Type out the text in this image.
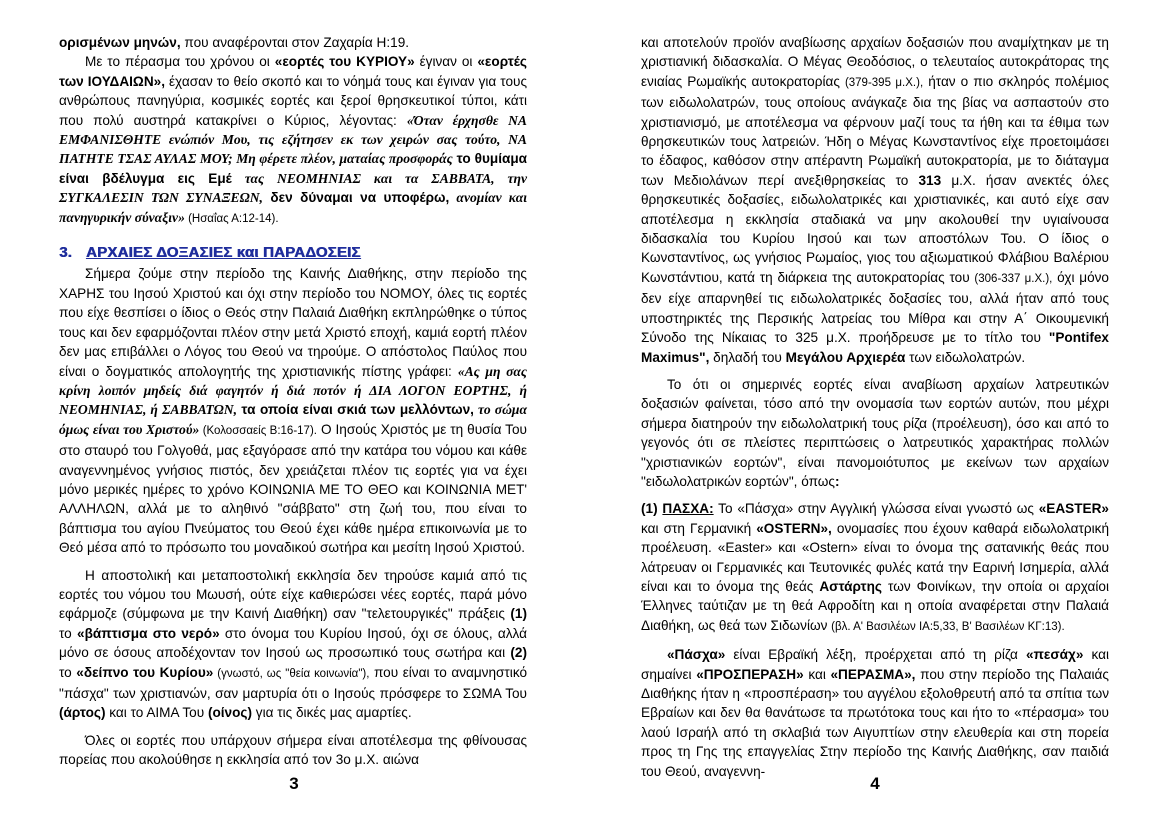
ορισμένων μηνών, που αναφέρονται στον Ζαχαρία Η:19.

Με το πέρασμα του χρόνου οι «εορτές του ΚΥΡΙΟΥ» έγιναν οι «εορτές των ΙΟΥΔΑΙΩΝ», έχασαν το θείο σκοπό και το νόημά τους και έγιναν για τους ανθρώπους πανηγύρια, κοσμικές εορτές και ξεροί θρησκευτικοί τύποι, κάτι που πολύ αυστηρά κατακρίνει ο Κύριος, λέγοντας: «Όταν έρχησθε ΝΑ ΕΜΦΑΝΙΣΘΗΤΕ ενώπιόν Μου, τις εζήτησεν εκ των χειρών σας τούτο, ΝΑ ΠΑΤΗΤΕ ΤΣΑΣ ΑΥΛΑΣ ΜΟΥ; Μη φέρετε πλέον, ματαίας προσφοράς το θυμίαμα είναι βδέλυγμα εις Εμέ τας ΝΕΟΜΗΝΙΑΣ και τα ΣΑΒΒΑΤΑ, την ΣΥΓΚΑΛΕΣΙΝ ΤΩΝ ΣΥΝΑΞΕΩΝ, δεν δύναμαι να υποφέρω, ανομίαν και πανηγυρικήν σύναξιν» (Ησαΐας Α:12-14).

3. ΑΡΧΑΙΕΣ ΔΟΞΑΣΙΕΣ και ΠΑΡΑΔΟΣΕΙΣ

Σήμερα ζούμε στην περίοδο της Καινής Διαθήκης, στην περίοδο της ΧΑΡΗΣ του Ιησού Χριστού και όχι στην περίοδο του ΝΟΜΟΥ, όλες τις εορτές που είχε θεσπίσει ο ίδιος ο Θεός στην Παλαιά Διαθήκη εκπληρώθηκε ο τύπος τους και δεν εφαρμόζονται πλέον στην μετά Χριστό εποχή, καμιά εορτή πλέον δεν μας επιβάλλει ο Λόγος του Θεού να τηρούμε. Ο απόστολος Παύλος που είναι ο δογματικός απολογητής της χριστιανικής πίστης γράφει: «Ας μη σας κρίνη λοιπόν μηδείς διά φαγητόν ή διά ποτόν ή ΔΙΑ ΛΟΓΟΝ ΕΟΡΤΗΣ, ή ΝΕΟΜΗΝΙΑΣ, ή ΣΑΒΒΑΤΩΝ, τα οποία είναι σκιά των μελλόντων, το σώμα όμως είναι του Χριστού» (Κολοσσαείς Β:16-17). Ο Ιησούς Χριστός με τη θυσία Του στο σταυρό του Γολγοθά, μας εξαγόρασε από την κατάρα του νόμου και κάθε αναγεννημένος γνήσιος πιστός, δεν χρειάζεται πλέον τις εορτές για να έχει μόνο μερικές ημέρες το χρόνο ΚΟΙΝΩΝΙΑ ΜΕ ΤΟ ΘΕΟ και ΚΟΙΝΩΝΙΑ ΜΕΤ' ΑΛΛΗΛΩΝ, αλλά με το αληθινό "σάββατο" στη ζωή του, που είναι το βάπτισμα του αγίου Πνεύματος του Θεού έχει κάθε ημέρα επικοινωνία με το Θεό μέσα από το πρόσωπο του μοναδικού σωτήρα και μεσίτη Ιησού Χριστού.

Η αποστολική και μεταποστολική εκκλησία δεν τηρούσε καμιά από τις εορτές του νόμου του Μωυσή, ούτε είχε καθιερώσει νέες εορτές, παρά μόνο εφάρμοζε (σύμφωνα με την Καινή Διαθήκη) σαν "τελετουργικές" πράξεις (1) το «βάπτισμα στο νερό» στο όνομα του Κυρίου Ιησού, όχι σε όλους, αλλά μόνο σε όσους αποδέχονταν τον Ιησού ως προσωπικό τους σωτήρα και (2) το «δείπνο του Κυρίου» (γνωστό, ως "θεία κοινωνία"), που είναι το αναμνηστικό "πάσχα" των χριστιανών, σαν μαρτυρία ότι ο Ιησούς πρόσφερε το ΣΩΜΑ Του (άρτος) και το ΑΙΜΑ Του (οίνος) για τις δικές μας αμαρτίες.

Όλες οι εορτές που υπάρχουν σήμερα είναι αποτέλεσμα της φθίνουσας πορείας που ακολούθησε η εκκλησία από τον 3ο μ.Χ. αιώνα

3

και αποτελούν προϊόν αναβίωσης αρχαίων δοξασιών που αναμίχτηκαν με τη χριστιανική διδασκαλία. Ο Μέγας Θεοδόσιος, ο τελευταίος αυτοκράτορας της ενιαίας Ρωμαϊκής αυτοκρατορίας (379-395 μ.Χ.), ήταν ο πιο σκληρός πολέμιος των ειδωλολατρών, τους οποίους ανάγκαζε δια της βίας να ασπαστούν στο χριστιανισμό, με αποτέλεσμα να φέρνουν μαζί τους τα ήθη και τα έθιμα των θρησκευτικών τους λατρειών. Ήδη ο Μέγας Κωνσταντίνος είχε προετοιμάσει το έδαφος, καθόσον στην απέραντη Ρωμαϊκή αυτοκρατορία, με το διάταγμα των Μεδιολάνων περί ανεξιθρησκείας το 313 μ.Χ. ήσαν ανεκτές όλες θρησκευτικές δοξασίες, ειδωλολατρικές και χριστιανικές, και αυτό είχε σαν αποτέλεσμα η εκκλησία σταδιακά να μην ακολουθεί την υγιαίνουσα διδασκαλία του Κυρίου Ιησού και των αποστόλων Του. Ο ίδιος ο Κωνσταντίνος, ως γνήσιος Ρωμαίος, γιος του αξιωματικού Φλάβιου Βαλέριου Κωνστάντιου, κατά τη διάρκεια της αυτοκρατορίας του (306-337 μ.Χ.), όχι μόνο δεν είχε απαρνηθεί τις ειδωλολατρικές δοξασίες του, αλλά ήταν από τους υποστηρικτές της Περσικής λατρείας του Μίθρα και στην Α΄ Οικουμενική Σύνοδο της Νίκαιας το 325 μ.Χ. προήδρευσε με το τίτλο του "Pontifex Maximus", δηλαδή του Μεγάλου Αρχιερέα των ειδωλολατρών.

Το ότι οι σημερινές εορτές είναι αναβίωση αρχαίων λατρευτικών δοξασιών φαίνεται, τόσο από την ονομασία των εορτών αυτών, που μέχρι σήμερα διατηρούν την ειδωλολατρική τους ρίζα (προέλευση), όσο και από το γεγονός ότι σε πλείστες περιπτώσεις ο λατρευτικός χαρακτήρας πολλών "χριστιανικών εορτών", είναι πανομοιότυπος με εκείνων των αρχαίων "ειδωλολατρικών εορτών", όπως:

(1) ΠΑΣΧΑ: Το «Πάσχα» στην Αγγλική γλώσσα είναι γνωστό ως «EASTER» και στη Γερμανική «OSTERN», ονομασίες που έχουν καθαρά ειδωλολατρική προέλευση. «Easter» και «Ostern» είναι το όνομα της σατανικής θεάς που λάτρευαν οι Γερμανικές και Τευτονικές φυλές κατά την Εαρινή Ισημερία, αλλά είναι και το όνομα της θεάς Αστάρτης των Φοινίκων, την οποία οι αρχαίοι Έλληνες ταύτιζαν με τη θεά Αφροδίτη και η οποία αναφέρεται στην Παλαιά Διαθήκη, ως θεά των Σιδωνίων (βλ. Α' Βασιλέων ΙΑ:5,33, Β' Βασιλέων ΚΓ:13).

«Πάσχα» είναι Εβραϊκή λέξη, προέρχεται από τη ρίζα «πεσάχ» και σημαίνει «ΠΡΟΣΠΕΡΑΣΗ» και «ΠΕΡΑΣΜΑ», που στην περίοδο της Παλαιάς Διαθήκης ήταν η «προσπέραση» του αγγέλου εξολοθρευτή από τα σπίτια των Εβραίων και δεν θα θανάτωσε τα πρωτότοκα τους και ήτο το «πέρασμα» του λαού Ισραήλ από τη σκλαβιά των Αιγυπτίων στην ελευθερία και στη πορεία προς τη Γης της επαγγελίας Στην περίοδο της Καινής Διαθήκης, σαν παιδιά του Θεού, αναγεννη-

4
